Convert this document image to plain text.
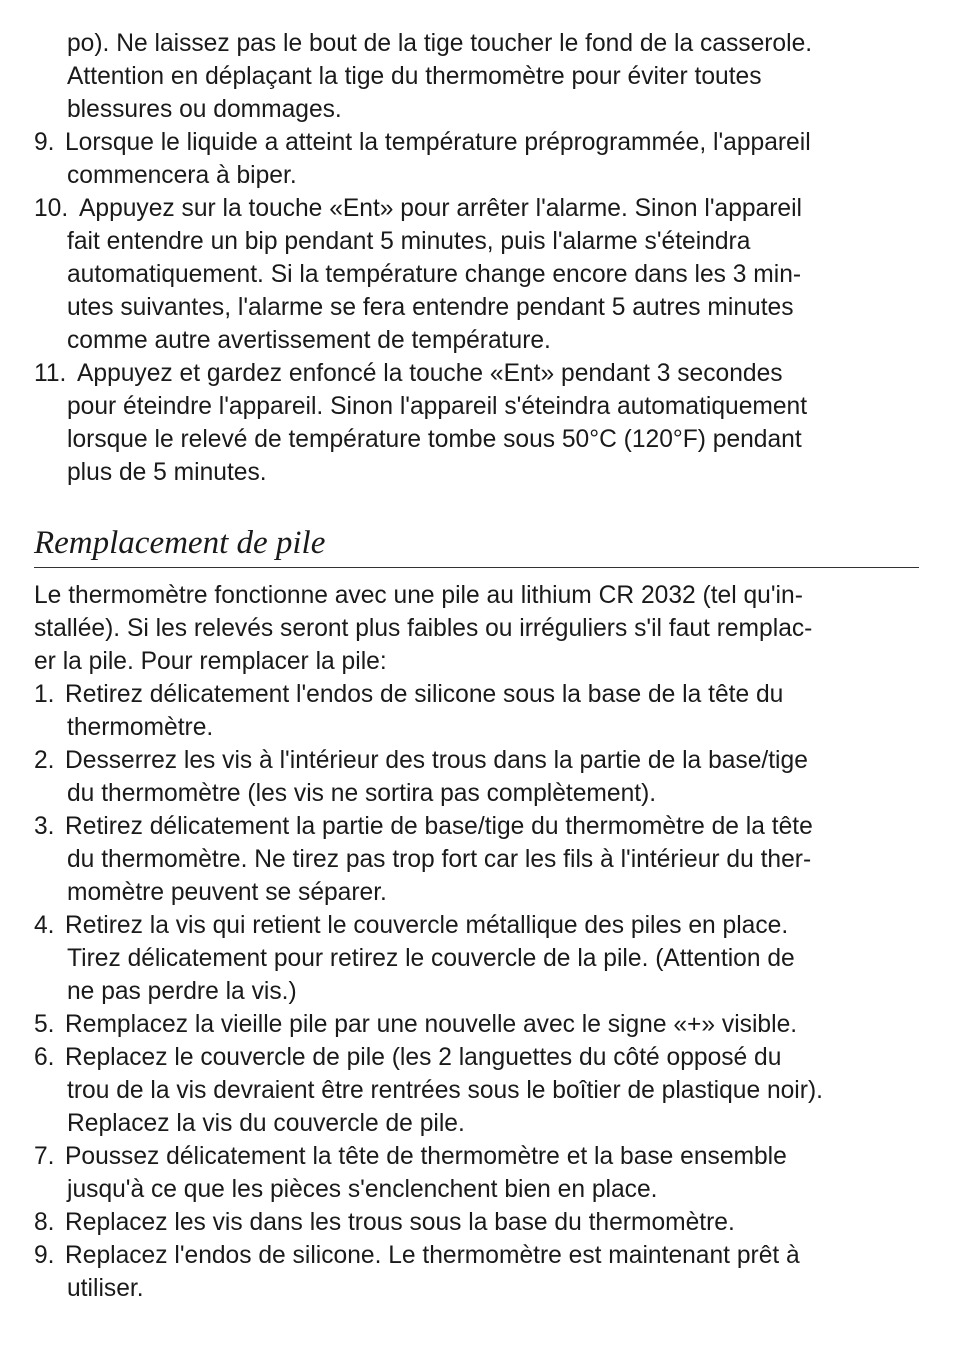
po). Ne laissez pas le bout de la tige toucher le fond de la casserole.
Attention en déplaçant la tige du thermomètre pour éviter toutes
blessures ou dommages.
9. Lorsque le liquide a atteint la température préprogrammée, l'appareil
commencera à biper.
10. Appuyez sur la touche «Ent» pour arrêter l'alarme. Sinon l'appareil
fait entendre un bip pendant 5 minutes, puis l'alarme s'éteindra
automatiquement. Si la température change encore dans les 3 min-
utes suivantes, l'alarme se fera entendre pendant 5 autres minutes
comme autre avertissement de température.
11. Appuyez et gardez enfoncé la touche «Ent» pendant 3 secondes
pour éteindre l'appareil. Sinon l'appareil s'éteindra automatiquement
lorsque le relevé de température tombe sous 50°C (120°F) pendant
plus de 5 minutes.
Remplacement de pile
Le thermomètre fonctionne avec une pile au lithium CR 2032 (tel qu'in-
stallée). Si les relevés seront plus faibles ou irréguliers s'il faut remplac-
er la pile. Pour remplacer la pile:
1. Retirez délicatement l'endos de silicone sous la base de la tête du
thermomètre.
2. Desserrez les vis à l'intérieur des trous dans la partie de la base/tige
du thermomètre (les vis ne sortira pas complètement).
3. Retirez délicatement la partie de base/tige du thermomètre de la tête
du thermomètre. Ne tirez pas trop fort car les fils à l'intérieur du ther-
momètre peuvent se séparer.
4. Retirez la vis qui retient le couvercle métallique des piles en place.
Tirez délicatement pour retirez le couvercle de la pile. (Attention de
ne pas perdre la vis.)
5. Remplacez la vieille pile par une nouvelle avec le signe «+» visible.
6. Replacez le couvercle de pile (les 2 languettes du côté opposé du
trou de la vis devraient être rentrées sous le boîtier de plastique noir).
Replacez la vis du couvercle de pile.
7. Poussez délicatement la tête de thermomètre et la base ensemble
jusqu'à ce que les pièces s'enclenchent bien en place.
8. Replacez les vis dans les trous sous la base du thermomètre.
9. Replacez l'endos de silicone. Le thermomètre est maintenant prêt à
utiliser.
